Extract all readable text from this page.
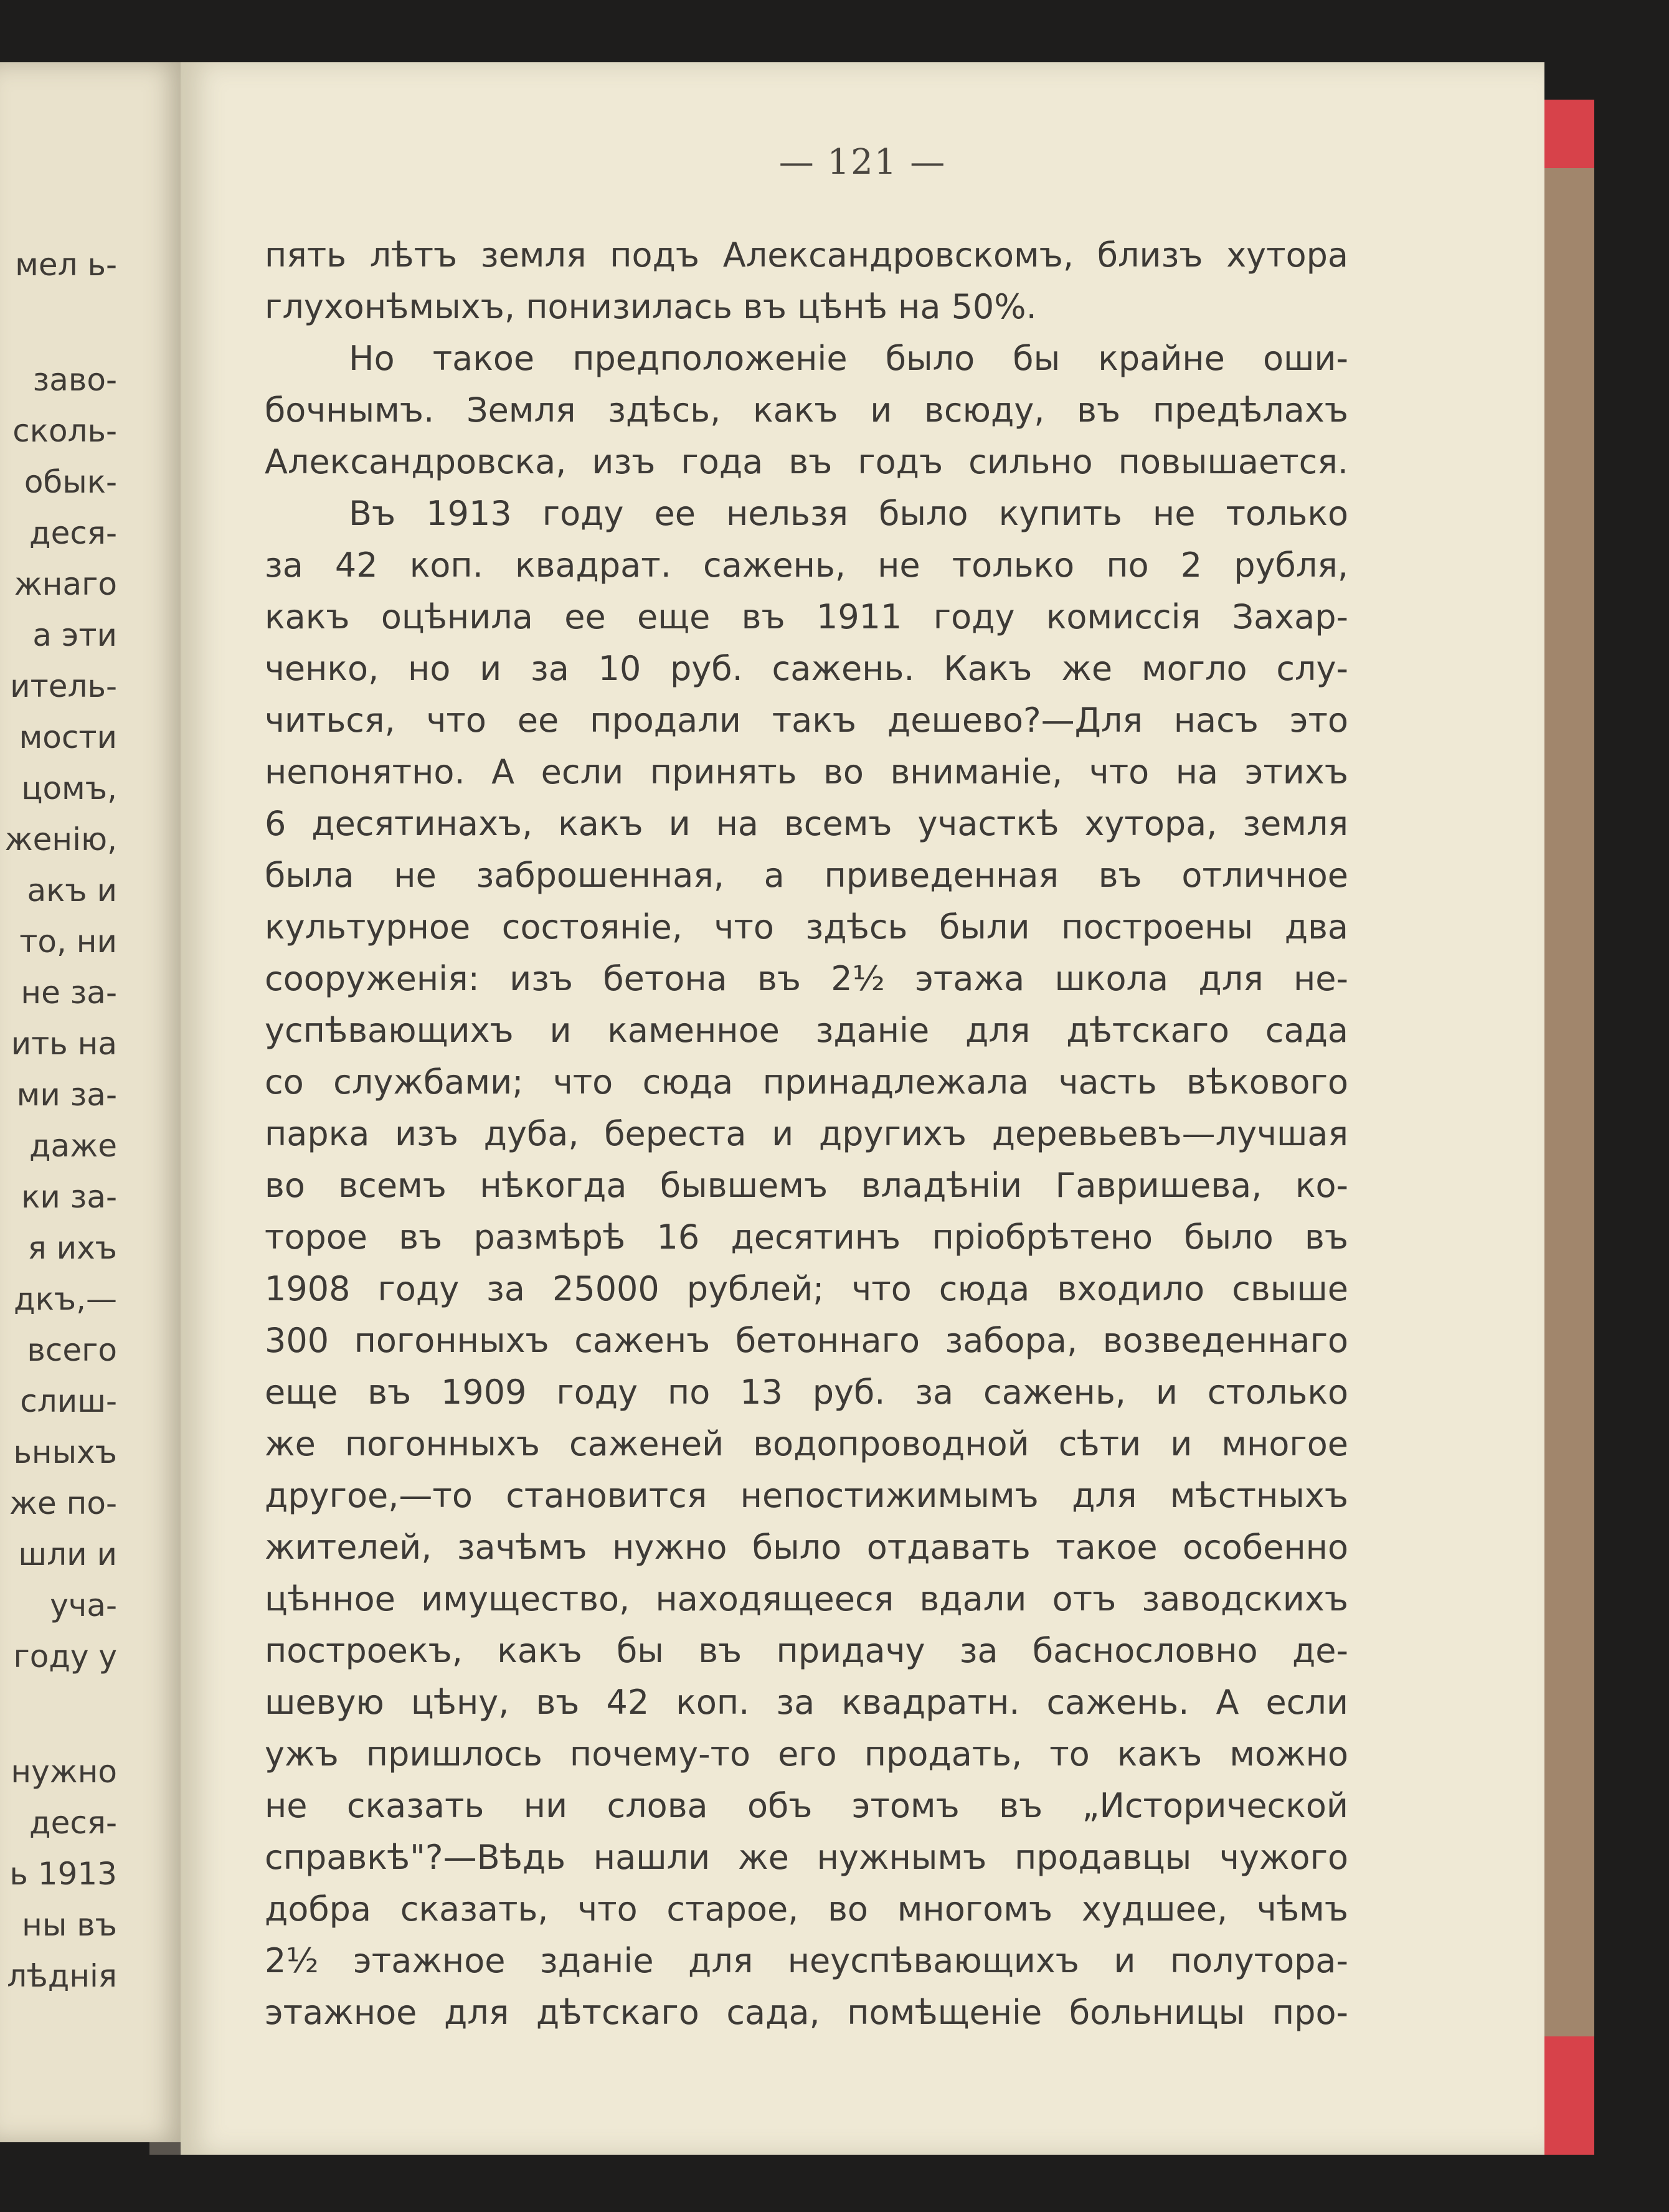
мел ь-
заво-
сколь-
обык-
деся-
жнаго
а эти
итель-
мости
цомъ,
женiю,
акъ и
то, ни
не за-
ить на
ми за-
даже
ки за-
я ихъ
дкъ,—
всего
слиш-
ьныхъ
же по-
шли и
уча-
году у
нужно
деся-
ь 1913
ны въ
лѣднiя
— 121 —
пять лѣтъ земля подъ Александровскомъ, близъ хутора
глухонѣмыхъ, понизилась въ цѣнѣ на 50%.
Но такое предположенiе было бы крайне оши-
бочнымъ. Земля здѣсь, какъ и всюду, въ предѣлахъ
Александровска, изъ года въ годъ сильно повышается.
Въ 1913 году ее нельзя было купить не только
за 42 коп. квадрат. сажень, не только по 2 рубля,
какъ оцѣнила ее еще въ 1911 году комиссiя Захар-
ченко, но и за 10 руб. сажень. Какъ же могло слу-
читься, что ее продали такъ дешево?—Для насъ это
непонятно. А если принять во вниманiе, что на этихъ
6 десятинахъ, какъ и на всемъ участкѣ хутора, земля
была не заброшенная, а приведенная въ отличное
культурное состоянiе, что здѣсь были построены два
сооруженiя: изъ бетона въ 2½ этажа школа для не-
успѣвающихъ и каменное зданiе для дѣтскаго сада
со службами; что сюда принадлежала часть вѣкового
парка изъ дуба, береста и другихъ деревьевъ—лучшая
во всемъ нѣкогда бывшемъ владѣнiи Гавришева, ко-
торое въ размѣрѣ 16 десятинъ прiобрѣтено было въ
1908 году за 25000 рублей; что сюда входило свыше
300 погонныхъ саженъ бетоннаго забора, возведеннаго
еще въ 1909 году по 13 руб. за сажень, и столько
же погонныхъ саженей водопроводной сѣти и многое
другое,—то становится непостижимымъ для мѣстныхъ
жителей, зачѣмъ нужно было отдавать такое особенно
цѣнное имущество, находящееся вдали отъ заводскихъ
построекъ, какъ бы въ придачу за баснословно де-
шевую цѣну, въ 42 коп. за квадратн. сажень. А если
ужъ пришлось почему-то его продать, то какъ можно
не сказать ни слова объ этомъ въ „Исторической
справкѣ"?—Вѣдь нашли же нужнымъ продавцы чужого
добра сказать, что старое, во многомъ худшее, чѣмъ
2½ этажное зданiе для неуспѣвающихъ и полутора-
этажное для дѣтскаго сада, помѣщенiе больницы про-
